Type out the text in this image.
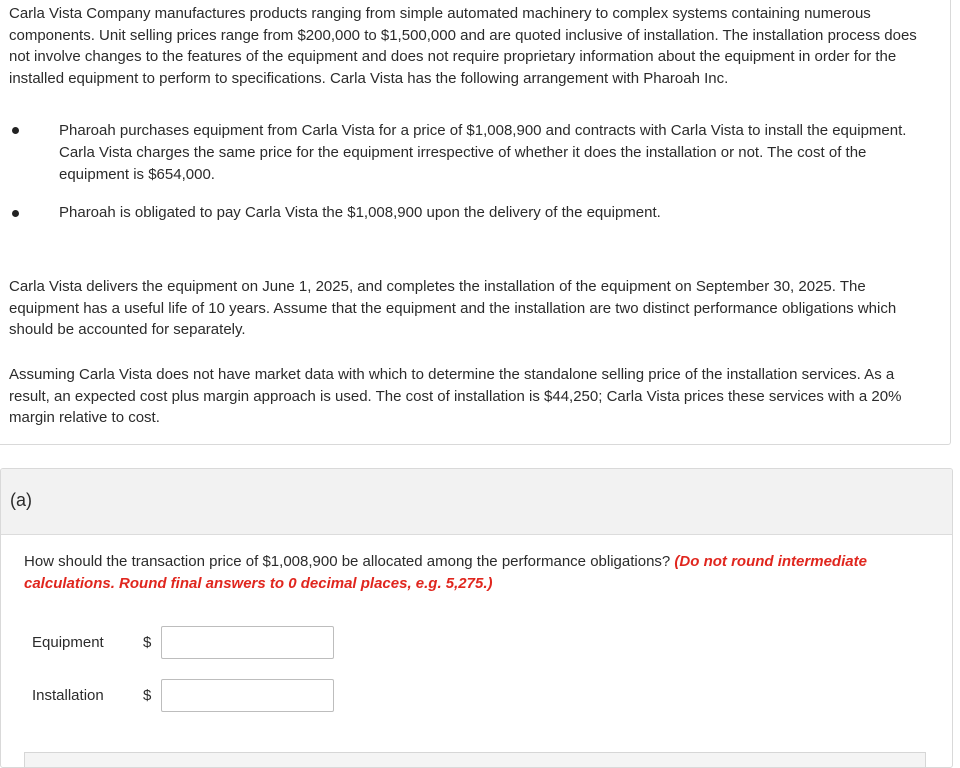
Carla Vista Company manufactures products ranging from simple automated machinery to complex systems containing numerous components. Unit selling prices range from $200,000 to $1,500,000 and are quoted inclusive of installation. The installation process does not involve changes to the features of the equipment and does not require proprietary information about the equipment in order for the installed equipment to perform to specifications. Carla Vista has the following arrangement with Pharoah Inc.

Pharoah purchases equipment from Carla Vista for a price of $1,008,900 and contracts with Carla Vista to install the equipment. Carla Vista charges the same price for the equipment irrespective of whether it does the installation or not. The cost of the equipment is $654,000.
Pharoah is obligated to pay Carla Vista the $1,008,900 upon the delivery of the equipment.

Carla Vista delivers the equipment on June 1, 2025, and completes the installation of the equipment on September 30, 2025. The equipment has a useful life of 10 years. Assume that the equipment and the installation are two distinct performance obligations which should be accounted for separately.

Assuming Carla Vista does not have market data with which to determine the standalone selling price of the installation services. As a result, an expected cost plus margin approach is used. The cost of installation is $44,250; Carla Vista prices these services with a 20% margin relative to cost.

(a)

How should the transaction price of $1,008,900 be allocated among the performance obligations? (Do not round intermediate calculations. Round final answers to 0 decimal places, e.g. 5,275.)

Equipment	$
Installation	$
